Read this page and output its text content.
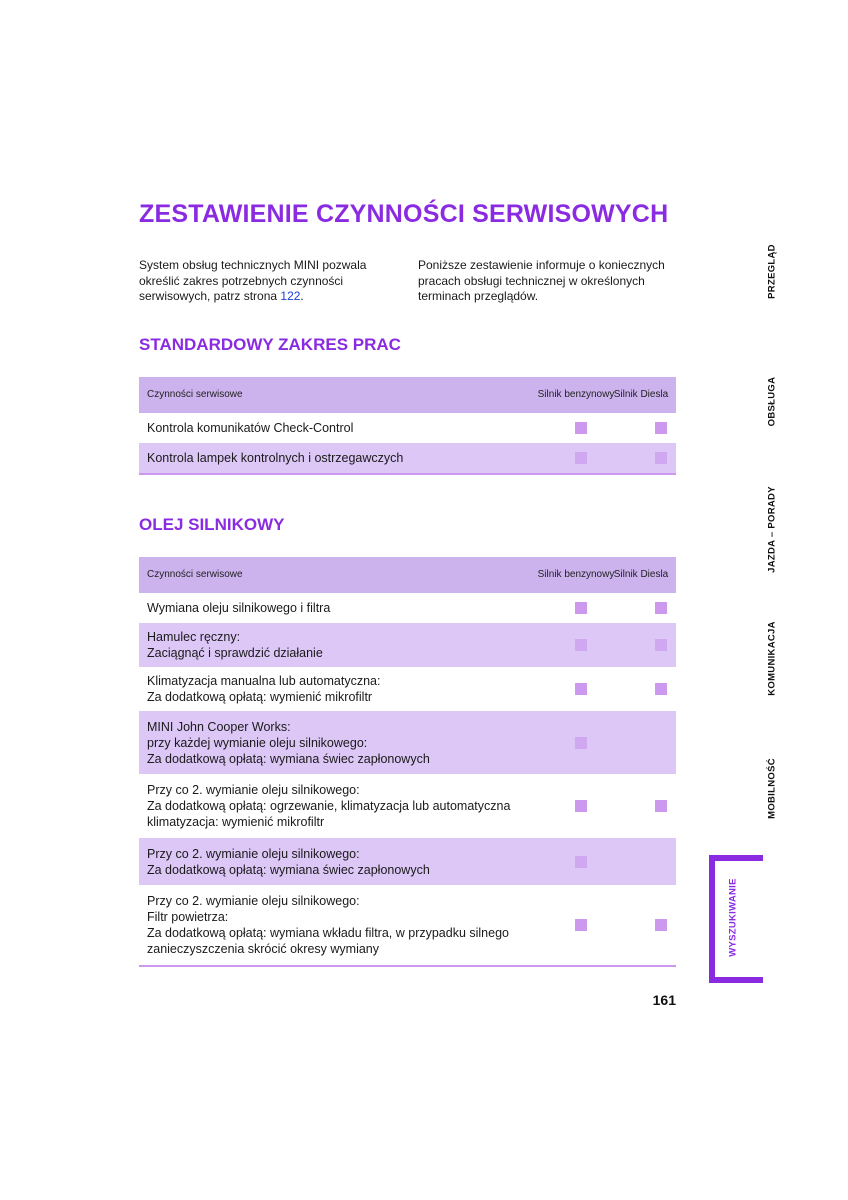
ZESTAWIENIE CZYNNOŚCI SERWISOWYCH
System obsług technicznych MINI pozwala określić zakres potrzebnych czynności serwisowych, patrz strona 122.
Poniższe zestawienie informuje o koniecznych pracach obsługi technicznej w określonych terminach przeglądów.
STANDARDOWY ZAKRES PRAC
Czynności serwisowe	Silnik benzynowy Silnik Diesla
Kontrola komunikatów Check-Control
Kontrola lampek kontrolnych i ostrzegawczych
OLEJ SILNIKOWY
Czynności serwisowe	Silnik benzynowy Silnik Diesla
Wymiana oleju silnikowego i filtra
Hamulec ręczny:
Zaciągnąć i sprawdzić działanie
Klimatyzacja manualna lub automatyczna:
Za dodatkową opłatą: wymienić mikrofiltr
MINI John Cooper Works:
przy każdej wymianie oleju silnikowego:
Za dodatkową opłatą: wymiana świec zapłonowych
Przy co 2. wymianie oleju silnikowego:
Za dodatkową opłatą: ogrzewanie, klimatyzacja lub automatyczna
klimatyzacja: wymienić mikrofiltr
Przy co 2. wymianie oleju silnikowego:
Za dodatkową opłatą: wymiana świec zapłonowych
Przy co 2. wymianie oleju silnikowego:
Filtr powietrza:
Za dodatkową opłatą: wymiana wkładu filtra, w przypadku silnego
zanieczyszczenia skrócić okresy wymiany
PRZEGLĄD
OBSŁUGA
JAZDA – PORADY
KOMUNIKACJA
MOBILNOŚĆ
WYSZUKIWANIE
161
